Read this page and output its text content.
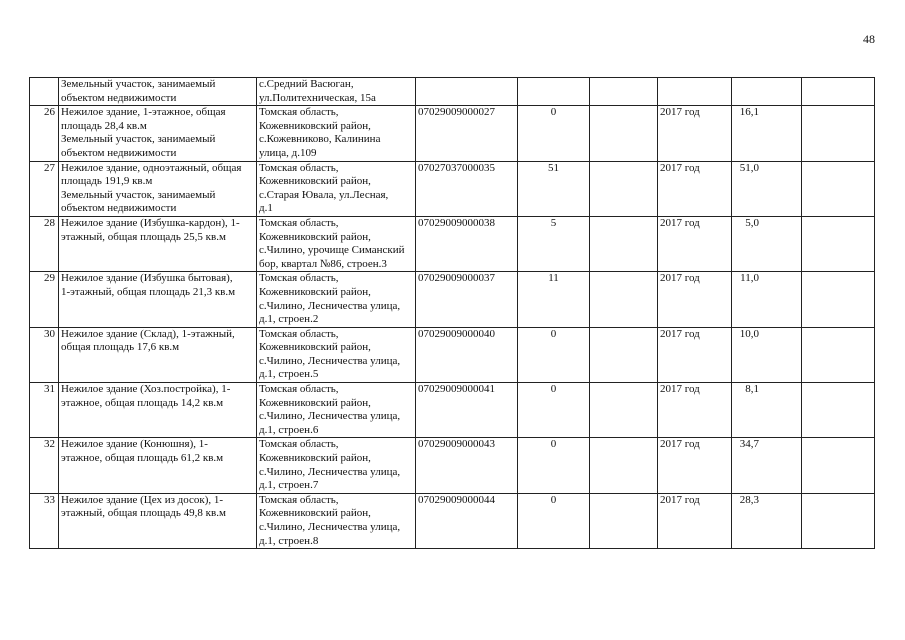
48

	Земельный участок, занимаемый
объектом недвижимости	с.Средний Васюган,
ул.Политехническая, 15а						

26	Нежилое здание, 1-этажное, общая
площадь 28,4 кв.м
Земельный участок, занимаемый
объектом недвижимости	Томская область,
Кожевниковский район,
с.Кожевниково, Калинина
улица, д.109	07029009000027	0		2017 год	16,1	
27	Нежилое здание, одноэтажный, общая
площадь 191,9 кв.м
Земельный участок, занимаемый
объектом недвижимости	Томская область,
Кожевниковский район,
с.Старая Ювала, ул.Лесная,
д.1	07027037000035	51		2017 год	51,0	
28	Нежилое здание (Избушка-кардон), 1-
этажный, общая площадь 25,5 кв.м	Томская область,
Кожевниковский район,
с.Чилино, урочище Симанский
бор, квартал №86, строен.3	07029009000038	5		2017 год	5,0	
29	Нежилое здание (Избушка бытовая),
1-этажный, общая площадь 21,3 кв.м	Томская область,
Кожевниковский район,
с.Чилино, Лесничества улица,
д.1, строен.2	07029009000037	11		2017 год	11,0	
30	Нежилое здание (Склад), 1-этажный,
общая площадь 17,6 кв.м	Томская область,
Кожевниковский район,
с.Чилино, Лесничества улица,
д.1, строен.5	07029009000040	0		2017 год	10,0	
31	Нежилое здание (Хоз.постройка), 1-
этажное, общая площадь 14,2 кв.м	Томская область,
Кожевниковский район,
с.Чилино, Лесничества улица,
д.1, строен.6	07029009000041	0		2017 год	8,1	
32	Нежилое здание (Конюшня), 1-
этажное, общая площадь 61,2 кв.м	Томская область,
Кожевниковский район,
с.Чилино, Лесничества улица,
д.1, строен.7	07029009000043	0		2017 год	34,7	
33	Нежилое здание (Цех из досок), 1-
этажный, общая площадь 49,8 кв.м	Томская область,
Кожевниковский район,
с.Чилино, Лесничества улица,
д.1, строен.8	07029009000044	0		2017 год	28,3	
